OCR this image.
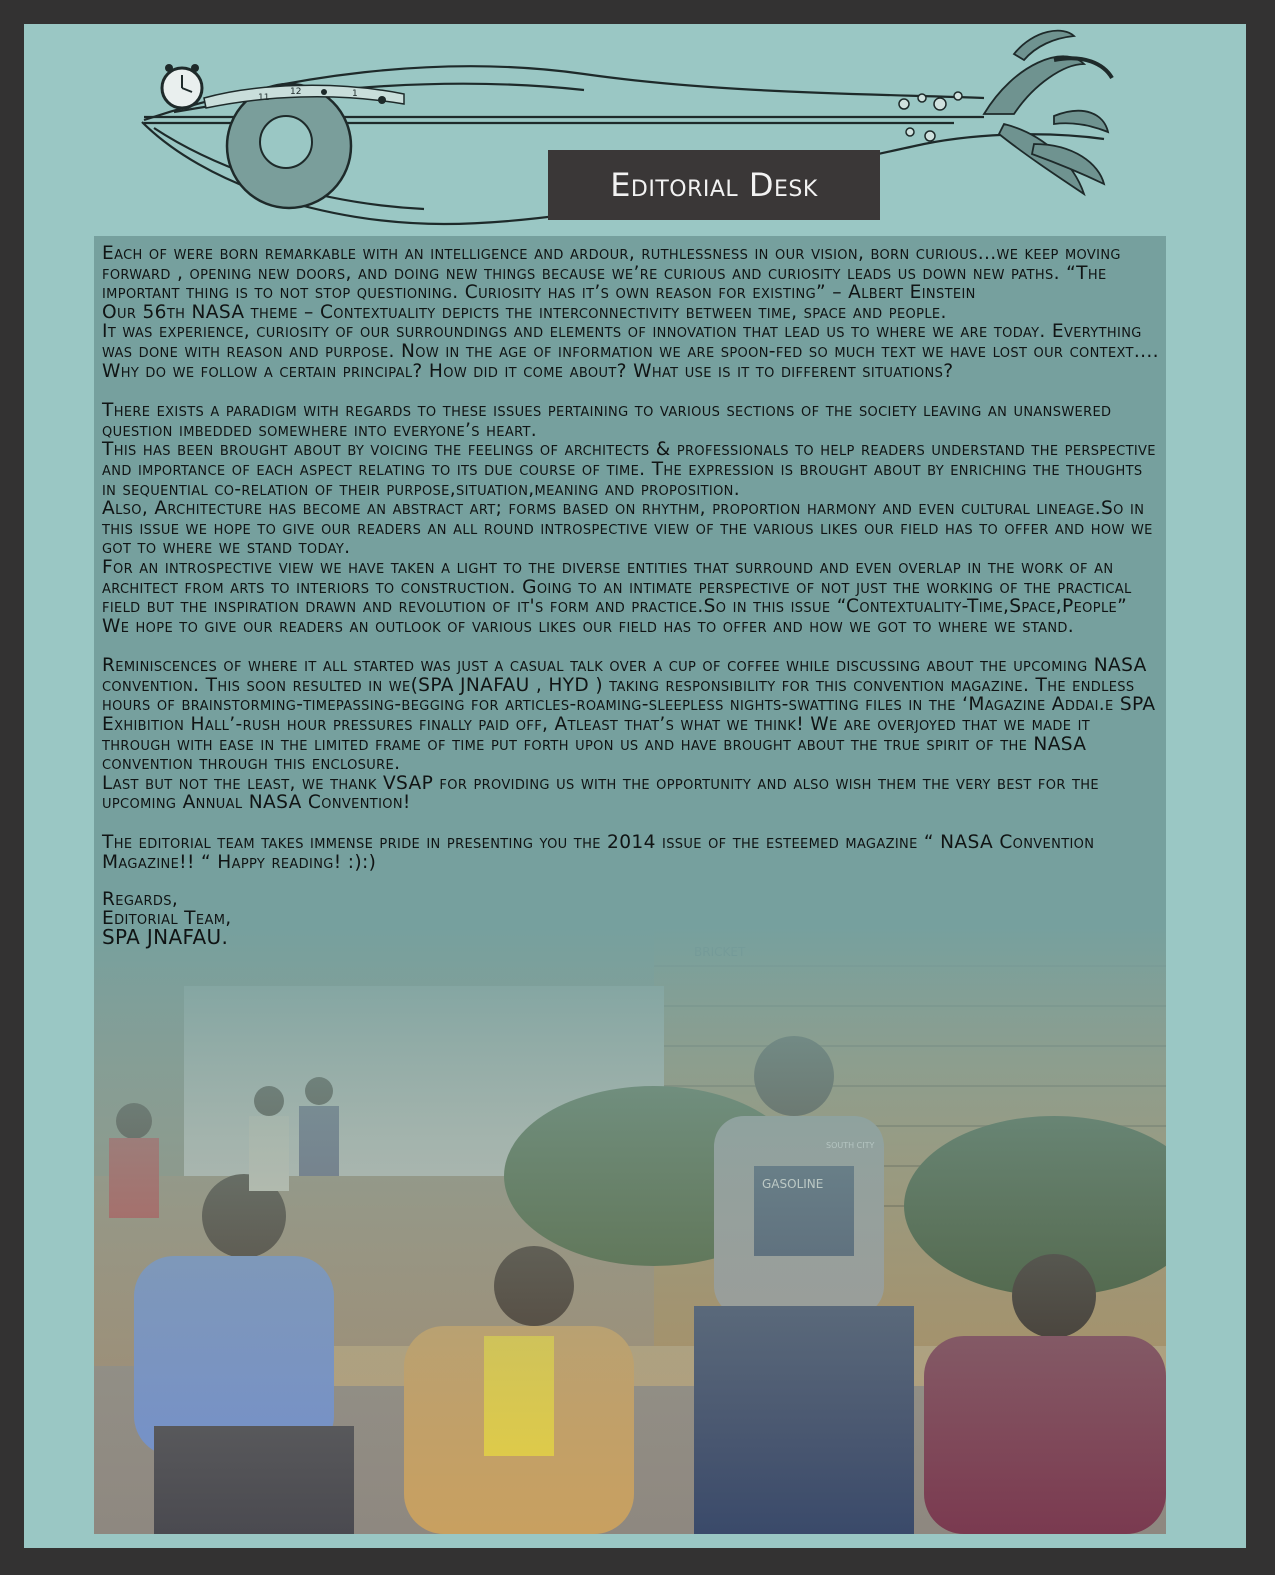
11
12	1
Editorial Desk

Each of were born remarkable with an intelligence and ardour, ruthlessness in our vision, born curious...we keep moving forward , opening new doors, and doing new things because we’re curious and curiosity leads us down new paths. “The important thing is to not stop questioning. Curiosity has it’s own reason for existing” – Albert Einstein

Our 56th NASA theme – Contextuality depicts the interconnectivity between time, space and people.

It was experience, curiosity of our surroundings and elements of innovation that lead us to where we are today. Everything was done with reason and purpose. Now in the age of information we are spoon-fed so much text we have lost our context.... Why do we follow a certain principal? How did it come about? What use is it to different situations?

There exists a paradigm with regards to these issues pertaining to various sections of the society leaving an unanswered question imbedded somewhere into everyone’s heart.

This has been brought about by voicing the feelings of architects & professionals to help readers understand the perspective and importance of each aspect relating to its due course of time. The expression is brought about by enriching the thoughts in sequential co-relation of their purpose,situation,meaning and proposition.

Also, Architecture has become an abstract art; forms based on rhythm, proportion harmony and even cultural lineage.So in this issue we hope to give our readers an all round introspective view of the various likes our field has to offer and how we got to where we stand today.

For an introspective view we have taken a light to the diverse entities that surround and even overlap in the work of an architect from arts to interiors to construction. Going to an intimate perspective of not just the working of the practical field but the inspiration drawn and revolution of it's form and practice.So in this issue “Contextuality-Time,Space,People” We hope to give our readers an outlook of various likes our field has to offer and how we got to where we stand.

Reminiscences of where it all started was just a casual talk over a cup of coffee while discussing about the upcoming NASA convention. This soon resulted in we(SPA JNAFAU , HYD ) taking responsibility for this convention magazine. The endless hours of brainstorming-timepassing-begging for articles-roaming-sleepless nights-swatting files in the ‘Magazine Addai.e SPA Exhibition Hall’-rush hour pressures finally paid off, Atleast that’s what we think! We are overjoyed that we made it through with ease in the limited frame of time put forth upon us and have brought about the true spirit of the NASA convention through this enclosure.

Last but not the least, we thank VSAP for providing us with the opportunity and also wish them the very best for the upcoming Annual NASA Convention!

The editorial team takes immense pride in presenting you the 2014 issue of the esteemed magazine “ NASA Convention Magazine!! “ Happy reading! :):)

Regards,
Editorial Team,
SPA JNAFAU.
